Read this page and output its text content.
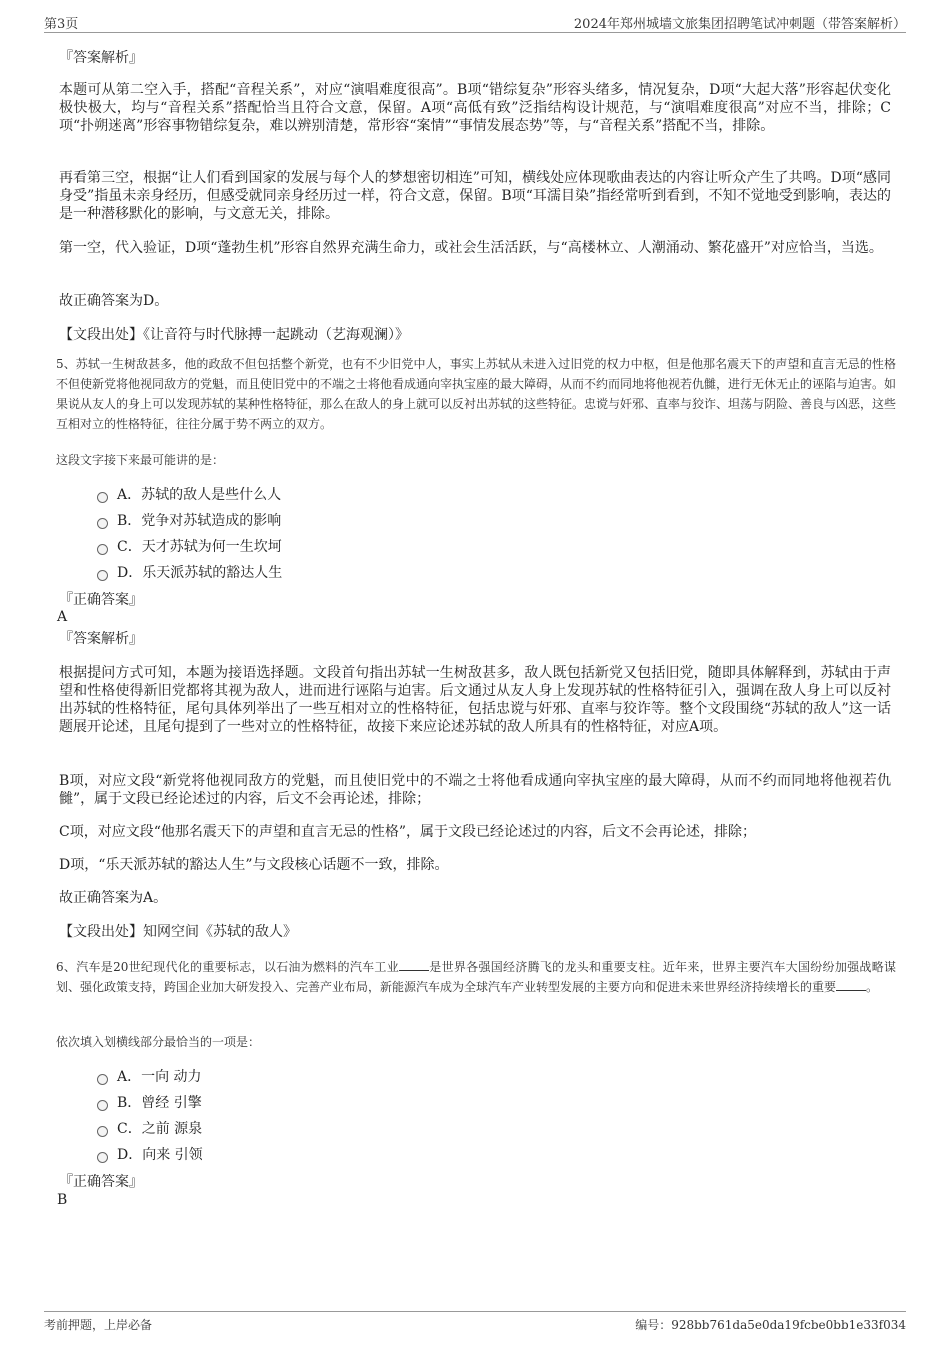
第3页	2024年郑州城墙文旅集团招聘笔试冲刺题（带答案解析）
『答案解析』
本题可从第二空入手，搭配“音程关系”，对应“演唱难度很高”。B项“错综复杂”形容头绪多，情况复杂，D项“大起大落”形容起伏变化极快极大，均与“音程关系”搭配恰当且符合文意，保留。A项“高低有致”泛指结构设计规范，与“演唱难度很高”对应不当，排除；C项“扑朔迷离”形容事物错综复杂，难以辨别清楚，常形容“案情”“事情发展态势”等，与“音程关系”搭配不当，排除。
再看第三空，根据“让人们看到国家的发展与每个人的梦想密切相连”可知，横线处应体现歌曲表达的内容让听众产生了共鸣。D项“感同身受”指虽未亲身经历，但感受就同亲身经历过一样，符合文意，保留。B项“耳濡目染”指经常听到看到，不知不觉地受到影响，表达的是一种潜移默化的影响，与文意无关，排除。
第一空，代入验证，D项“蓬勃生机”形容自然界充满生命力，或社会生活活跃，与“高楼林立、人潮涌动、繁花盛开”对应恰当，当选。
故正确答案为D。
【文段出处】《让音符与时代脉搏一起跳动（艺海观澜）》
5、苏轼一生树敌甚多，他的政敌不但包括整个新党，也有不少旧党中人，事实上苏轼从未进入过旧党的权力中枢，但是他那名震天下的声望和直言无忌的性格不但使新党将他视同敌方的党魁，而且使旧党中的不端之士将他看成通向宰执宝座的最大障碍，从而不约而同地将他视若仇雠，进行无休无止的诬陷与迫害。如果说从友人的身上可以发现苏轼的某种性格特征，那么在敌人的身上就可以反衬出苏轼的这些特征。忠谠与奸邪、直率与狡诈、坦荡与阴险、善良与凶恶，这些互相对立的性格特征，往往分属于势不两立的双方。
这段文字接下来最可能讲的是：
A．苏轼的敌人是些什么人
B．党争对苏轼造成的影响
C．天才苏轼为何一生坎坷
D．乐天派苏轼的豁达人生
『正确答案』
A
『答案解析』
根据提问方式可知，本题为接语选择题。文段首句指出苏轼一生树敌甚多，敌人既包括新党又包括旧党，随即具体解释到，苏轼由于声望和性格使得新旧党都将其视为敌人，进而进行诬陷与迫害。后文通过从友人身上发现苏轼的性格特征引入，强调在敌人身上可以反衬出苏轼的性格特征，尾句具体列举出了一些互相对立的性格特征，包括忠谠与奸邪、直率与狡诈等。整个文段围绕“苏轼的敌人”这一话题展开论述，且尾句提到了一些对立的性格特征，故接下来应论述苏轼的敌人所具有的性格特征，对应A项。
B项，对应文段“新党将他视同敌方的党魁，而且使旧党中的不端之士将他看成通向宰执宝座的最大障碍，从而不约而同地将他视若仇雠”，属于文段已经论述过的内容，后文不会再论述，排除；
C项，对应文段“他那名震天下的声望和直言无忌的性格”，属于文段已经论述过的内容，后文不会再论述，排除；
D项，“乐天派苏轼的豁达人生”与文段核心话题不一致，排除。
故正确答案为A。
【文段出处】知网空间《苏轼的敌人》
6、汽车是20世纪现代化的重要标志，以石油为燃料的汽车工业	是世界各强国经济腾飞的龙头和重要支柱。近年来，世界主要汽车大国纷纷加强战略谋划、强化政策支持，跨国企业加大研发投入、完善产业布局，新能源汽车成为全球汽车产业转型发展的主要方向和促进未来世界经济持续增长的重要	。
依次填入划横线部分最恰当的一项是：
A．一向 动力
B．曾经 引擎
C．之前 源泉
D．向来 引领
『正确答案』
B
考前押题，上岸必备	编号：928bb761da5e0da19fcbe0bb1e33f034
